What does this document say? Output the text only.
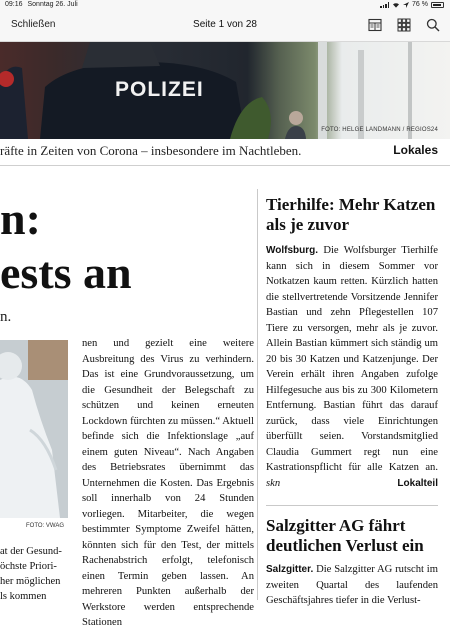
09:16 Sonntag 26. Juli	76 %
Schließen	Seite 1 von 28
POLIZEI
FOTO: HELGE LANDMANN / REGIOS24
räfte in Zeiten von Corona – insbesondere im Nachtleben.	Lokales
n:
ests an
n.
FOTO: VWAG
at der Gesund-
öchste Priori-
her möglichen
ls kommen
nen und gezielt eine weitere Ausbreitung des Virus zu verhindern. Das ist eine Grundvoraussetzung, um die Gesundheit der Belegschaft zu schützen und keinen erneuten Lockdown fürchten zu müssen.“ Aktuell befinde sich die Infektionslage „auf einem guten Niveau“. Nach Angaben des Betriebsrates übernimmt das Unternehmen die Kosten. Das Ergebnis soll innerhalb von 24 Stunden vorliegen. Mitarbeiter, die wegen bestimmter Symptome Zweifel hätten, könnten sich für den Test, der mittels Rachenabstrich erfolgt, telefonisch einen Termin geben lassen. An mehreren Punkten außerhalb der Werkstore werden entsprechende Stationen
Tierhilfe: Mehr Katzen als je zuvor
Wolfsburg. Die Wolfsburger Tierhilfe kann sich in diesem Sommer vor Notkatzen kaum retten. Kürzlich hatten die stellvertretende Vorsitzende Jennifer Bastian und zehn Pflegestellen 107 Tiere zu versorgen, mehr als je zuvor. Allein Bastian kümmert sich ständig um 20 bis 30 Katzen und Katzenjunge. Der Verein erhält ihren Angaben zufolge Hilfegesuche aus bis zu 300 Kilometern Entfernung. Bastian führt das darauf zurück, dass viele Einrichtungen überfüllt seien. Vorstandsmitglied Claudia Gummert regt nun eine Kastrationspflicht für alle Katzen an. skn	Lokalteil
Salzgitter AG fährt deutlichen Verlust ein
Salzgitter. Die Salzgitter AG rutscht im zweiten Quartal des laufenden Geschäftsjahres tiefer in die Verlust-
